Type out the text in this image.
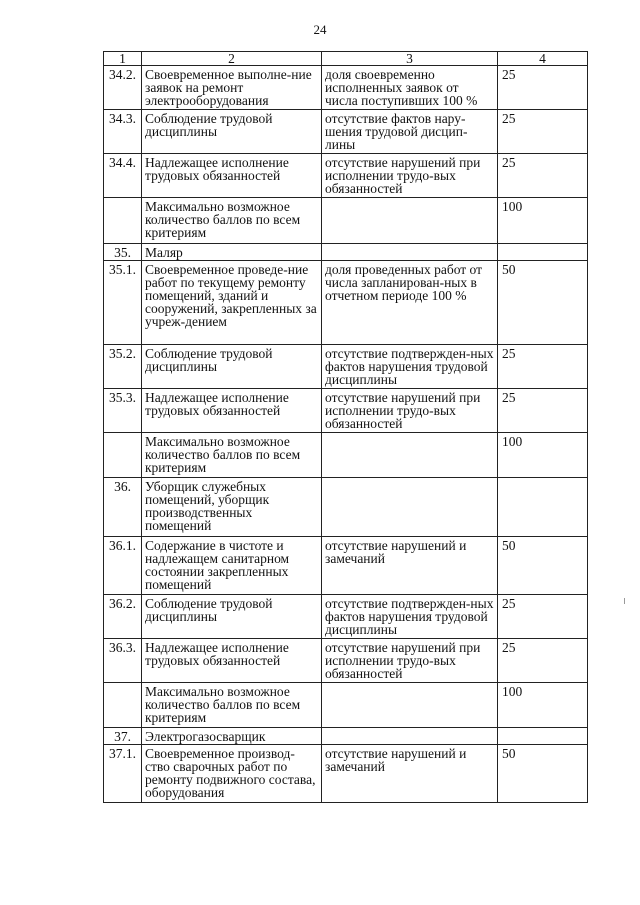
24
1	2	3	4
34.2.	Своевременное выполне-ние заявок на ремонт электрооборудования	доля своевременно исполненных заявок от числа поступивших 100 %	25
34.3.	Соблюдение трудовой дисциплины	отсутствие фактов нару-шения трудовой дисцип-лины	25
34.4.	Надлежащее исполнение трудовых обязанностей	отсутствие нарушений при исполнении трудо-вых обязанностей	25
	Максимально возможное количество баллов по всем критериям		100
35.	Маляр		
35.1.	Своевременное проведе-ние работ по текущему ремонту помещений, зданий и сооружений, закрепленных за учреж-дением	доля проведенных работ от числа запланирован-ных в отчетном периоде 100 %	50
35.2.	Соблюдение трудовой дисциплины	отсутствие подтвержден-ных фактов нарушения трудовой дисциплины	25
35.3.	Надлежащее исполнение трудовых обязанностей	отсутствие нарушений при исполнении трудо-вых обязанностей	25
	Максимально возможное количество баллов по всем критериям		100
36.	Уборщик служебных помещений, уборщик производственных помещений		
36.1.	Содержание в чистоте и надлежащем санитарном состоянии закрепленных помещений	отсутствие нарушений и замечаний	50
36.2.	Соблюдение трудовой дисциплины	отсутствие подтвержден-ных фактов нарушения трудовой дисциплины	25
36.3.	Надлежащее исполнение трудовых обязанностей	отсутствие нарушений при исполнении трудо-вых обязанностей	25
	Максимально возможное количество баллов по всем критериям		100
37.	Электрогазосварщик		
37.1.	Своевременное производ-ство сварочных работ по ремонту подвижного состава, оборудования	отсутствие нарушений и замечаний	50
